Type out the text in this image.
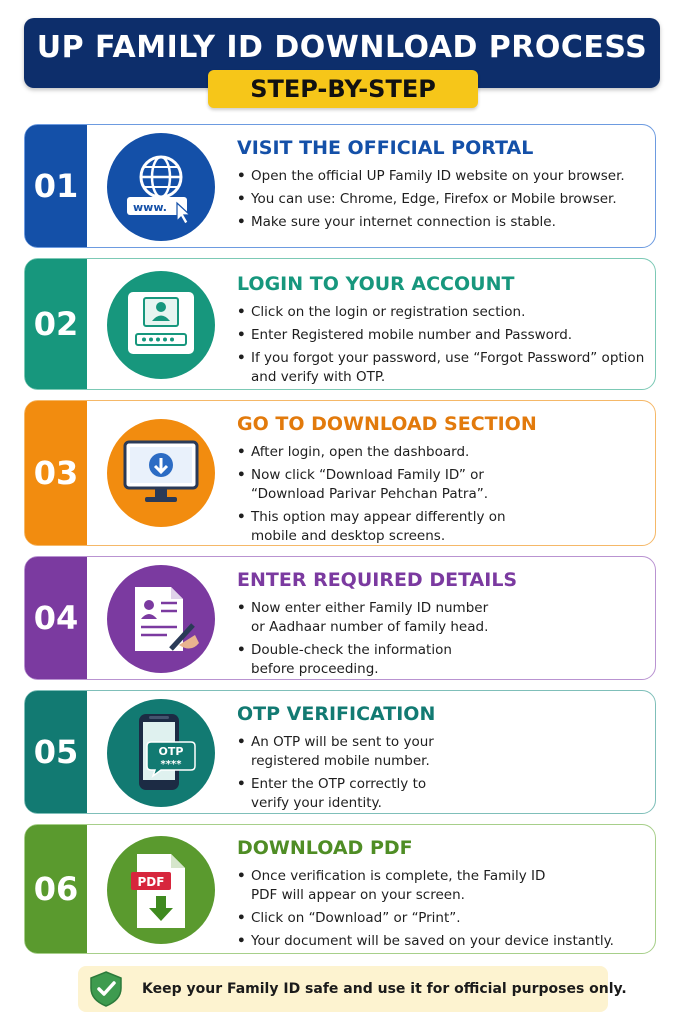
UP FAMILY ID DOWNLOAD PROCESS
STEP-BY-STEP
01
www.
VISIT THE OFFICIAL PORTAL
• Open the official UP Family ID website on your browser.
• You can use: Chrome, Edge, Firefox or Mobile browser.
• Make sure your internet connection is stable.
02
LOGIN TO YOUR ACCOUNT
• Click on the login or registration section.
• Enter Registered mobile number and Password.
• If you forgot your password, use “Forgot Password” option and verify with OTP.
03
GO TO DOWNLOAD SECTION
• After login, open the dashboard.
• Now click “Download Family ID” or “Download Parivar Pehchan Patra”.
• This option may appear differently on mobile and desktop screens.
04
ENTER REQUIRED DETAILS
• Now enter either Family ID number or Aadhaar number of family head.
• Double-check the information before proceeding.
05	OTP
****
OTP VERIFICATION
• An OTP will be sent to your registered mobile number.
• Enter the OTP correctly to verify your identity.
06	PDF
DOWNLOAD PDF
• Once verification is complete, the Family ID PDF will appear on your screen.
• Click on “Download” or “Print”.
• Your document will be saved on your device instantly.
Keep your Family ID safe and use it for official purposes only.
